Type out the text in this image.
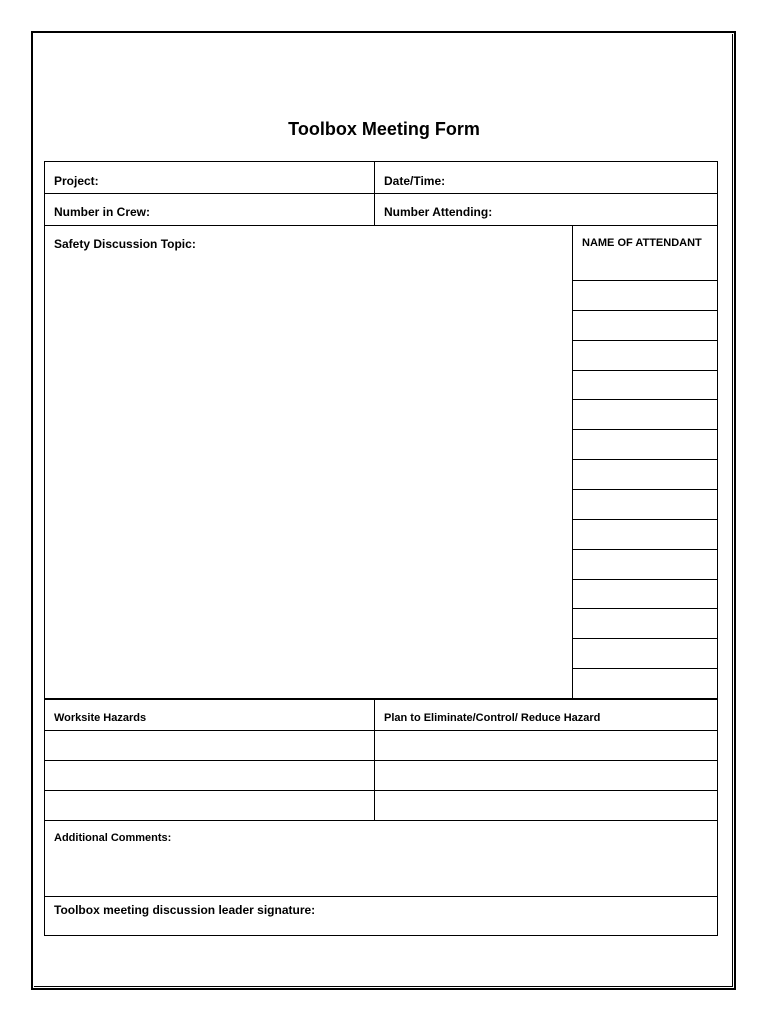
Toolbox Meeting Form
Project:	Date/Time:
Number in Crew:	Number Attending:
Safety Discussion Topic:	NAME OF ATTENDANT
Worksite Hazards	Plan to Eliminate/Control/ Reduce Hazard
Additional Comments:
Toolbox meeting discussion leader signature:
